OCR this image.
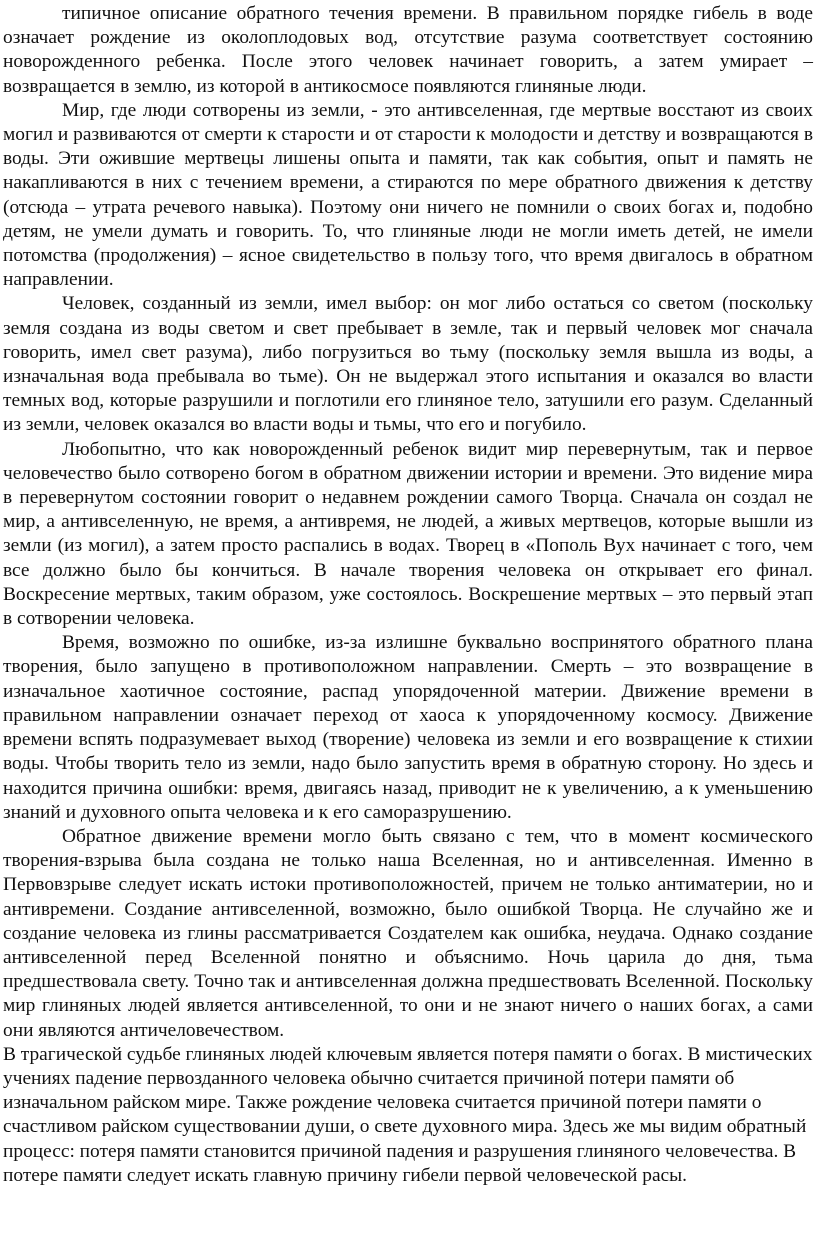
типичное описание обратного течения времени. В правильном порядке гибель в воде означает рождение из околоплодовых вод, отсутствие разума соответствует состоянию новорожденного ребенка. После этого человек начинает говорить, а затем умирает – возвращается в землю, из которой в антикосмосе появляются глиняные люди.

Мир, где люди сотворены из земли, - это антивселенная, где мертвые восстают из своих могил и развиваются от смерти к старости и от старости к молодости и детству и возвращаются в воды. Эти ожившие мертвецы лишены опыта и памяти, так как события, опыт и память не накапливаются в них с течением времени, а стираются по мере обратного движения к детству (отсюда – утрата речевого навыка). Поэтому они ничего не помнили о своих богах и, подобно детям, не умели думать и говорить. То, что глиняные люди не могли иметь детей, не имели потомства (продолжения) – ясное свидетельство в пользу того, что время двигалось в обратном направлении.

Человек, созданный из земли, имел выбор: он мог либо остаться со светом (поскольку земля создана из воды светом и свет пребывает в земле, так и первый человек мог сначала говорить, имел свет разума), либо погрузиться во тьму (поскольку земля вышла из воды, а изначальная вода пребывала во тьме). Он не выдержал этого испытания и оказался во власти темных вод, которые разрушили и поглотили его глиняное тело, затушили его разум. Сделанный из земли, человек оказался во власти воды и тьмы, что его и погубило.

Любопытно, что как новорожденный ребенок видит мир перевернутым, так и первое человечество было сотворено богом в обратном движении истории и времени. Это видение мира в перевернутом состоянии говорит о недавнем рождении самого Творца. Сначала он создал не мир, а антивселенную, не время, а антивремя, не людей, а живых мертвецов, которые вышли из земли (из могил), а затем просто распались в водах. Творец в «Пополь Вух начинает с того, чем все должно было бы кончиться. В начале творения человека он открывает его финал. Воскресение мертвых, таким образом, уже состоялось. Воскрешение мертвых – это первый этап в сотворении человека.

Время, возможно по ошибке, из-за излишне буквально воспринятого обратного плана творения, было запущено в противоположном направлении. Смерть – это возвращение в изначальное хаотичное состояние, распад упорядоченной материи. Движение времени в правильном направлении означает переход от хаоса к упорядоченному космосу. Движение времени вспять подразумевает выход (творение) человека из земли и его возвращение к стихии воды. Чтобы творить тело из земли, надо было запустить время в обратную сторону. Но здесь и находится причина ошибки: время, двигаясь назад, приводит не к увеличению, а к уменьшению знаний и духовного опыта человека и к его саморазрушению.

Обратное движение времени могло быть связано с тем, что в момент космического творения-взрыва была создана не только наша Вселенная, но и антивселенная. Именно в Первовзрыве следует искать истоки противоположностей, причем не только антиматерии, но и антивремени. Создание антивселенной, возможно, было ошибкой Творца. Не случайно же и создание человека из глины рассматривается Создателем как ошибка, неудача. Однако создание антивселенной перед Вселенной понятно и объяснимо. Ночь царила до дня, тьма предшествовала свету. Точно так и антивселенная должна предшествовать Вселенной. Поскольку мир глиняных людей является антивселенной, то они и не знают ничего о наших богах, а сами они являются античеловечеством.

В трагической судьбе глиняных людей ключевым является потеря памяти о богах. В мистических учениях падение первозданного человека обычно считается причиной потери памяти об изначальном райском мире. Также рождение человека считается причиной потери памяти о счастливом райском существовании души, о свете духовного мира. Здесь же мы видим обратный процесс: потеря памяти становится причиной падения и разрушения глиняного человечества. В потере памяти следует искать главную причину гибели первой человеческой расы.
